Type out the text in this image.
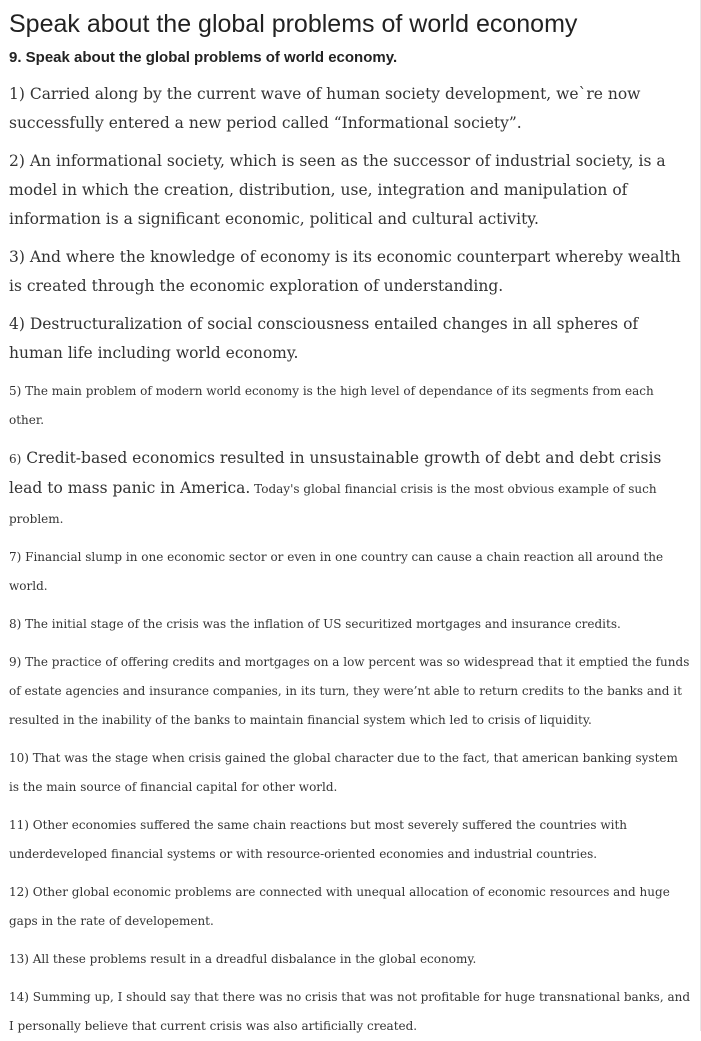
Speak about the global problems of world economy
9. Speak about the global problems of world economy.

1) Carried along by the current wave of human society development, we`re now successfully entered a new period called “Informational society”.

2) An informational society, which is seen as the successor of industrial society, is a model in which the creation, distribution, use, integration and manipulation of information is a significant economic, political and cultural activity.

3) And where the knowledge of economy is its economic counterpart whereby wealth is created through the economic exploration of understanding.

4) Destructuralization of social consciousness entailed changes in all spheres of human life including world economy.

5) The main problem of modern world economy is the high level of dependance of its segments from each other.

6) Credit-based economics resulted in unsustainable growth of debt and debt crisis lead to mass panic in America. Today's global financial crisis is the most obvious example of such problem.

7) Financial slump in one economic sector or even in one country can cause a chain reaction all around the world.

8) The initial stage of the crisis was the inflation of US securitized mortgages and insurance credits.

9) The practice of offering credits and mortgages on a low percent was so widespread that it emptied the funds of estate agencies and insurance companies, in its turn, they were’nt able to return credits to the banks and it resulted in the inability of the banks to maintain financial system which led to crisis of liquidity.

10) That was the stage when crisis gained the global character due to the fact, that american banking system is the main source of financial capital for other world.

11) Other economies suffered the same chain reactions but most severely suffered the countries with underdeveloped financial systems or with resource-oriented economies and industrial countries.

12) Other global economic problems are connected with unequal allocation of economic resources and huge gaps in the rate of developement.

13) All these problems result in a dreadful disbalance in the global economy.

14) Summing up, I should say that there was no crisis that was not profitable for huge transnational banks, and I personally believe that current crisis was also artificially created.
